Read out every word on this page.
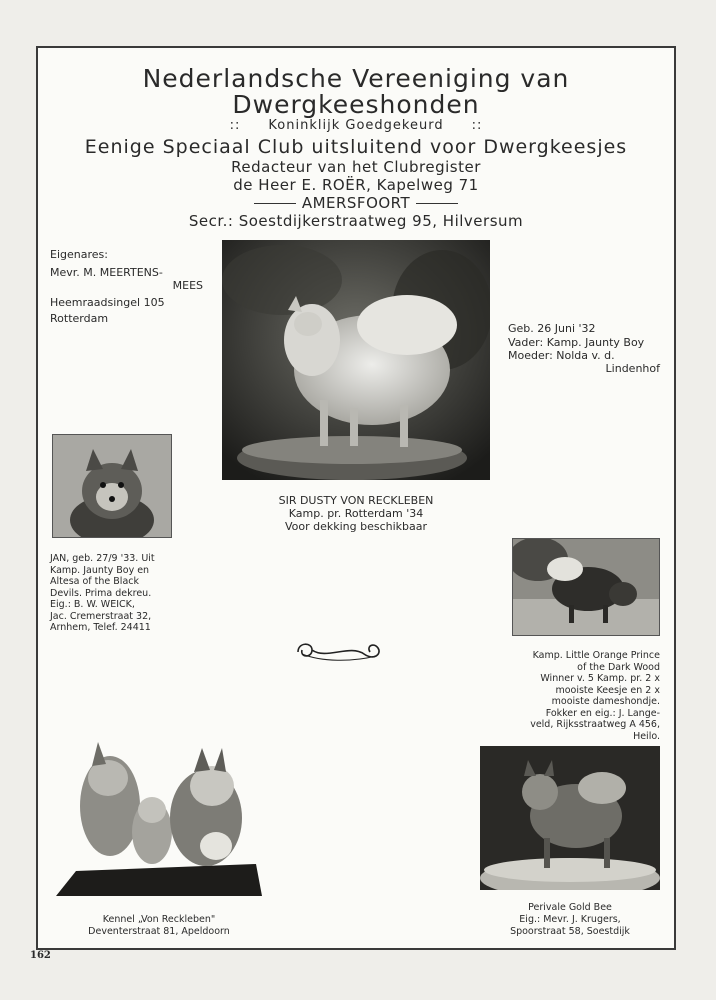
Nederlandsche Vereeniging van
Dwergkeeshonden
:: Koninklijk Goedgekeurd ::
Eenige Speciaal Club uitsluitend voor Dwergkeesjes
Redacteur van het Clubregister
de Heer E. ROËR, Kapelweg 71
AMERSFOORT
Secr.: Soestdijkerstraatweg 95, Hilversum
Eigenares:
Mevr. M. MEERTENS-
MEES
Heemraadsingel 105
Rotterdam
Geb. 26 Juni '32
Vader: Kamp. Jaunty Boy
Moeder: Nolda v. d.
Lindenhof
SIR DUSTY VON RECKLEBEN
Kamp. pr. Rotterdam '34
Voor dekking beschikbaar
JAN, geb. 27/9 '33. Uit
Kamp. Jaunty Boy en
Altesa of the Black
Devils. Prima dekreu.
Eig.: B. W. WEICK,
Jac. Cremerstraat 32,
Arnhem, Telef. 24411
Kamp. Little Orange Prince
of the Dark Wood
Winner v. 5 Kamp. pr. 2 x
mooiste Keesje en 2 x
mooiste dameshondje.
Fokker en eig.: J. Lange-
veld, Rijksstraatweg A 456,
Heilo.
Kennel „Von Reckleben"
Deventerstraat 81, Apeldoorn
Perivale Gold Bee
Eig.: Mevr. J. Krugers,
Spoorstraat 58, Soestdijk
162
